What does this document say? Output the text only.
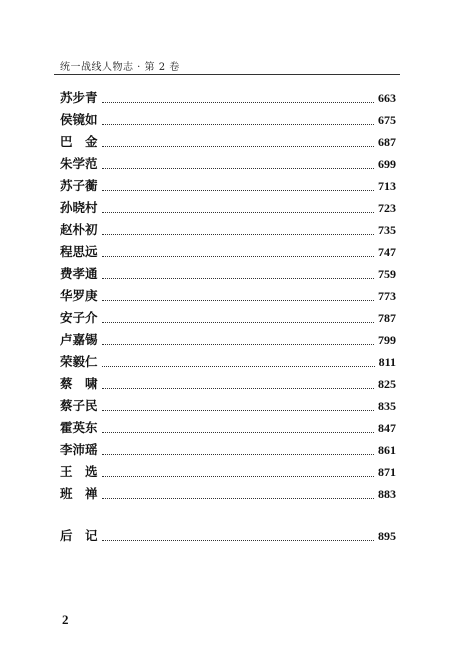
统一战线人物志 · 第 2 卷
苏步青	663
侯镜如	675
巴　金	687
朱学范	699
苏子蘅	713
孙晓村	723
赵朴初	735
程思远	747
费孝通	759
华罗庚	773
安子介	787
卢嘉锡	799
荣毅仁	811
蔡　啸	825
蔡子民	835
霍英东	847
李沛瑶	861
王　选	871
班　禅	883
后　记	895
2
